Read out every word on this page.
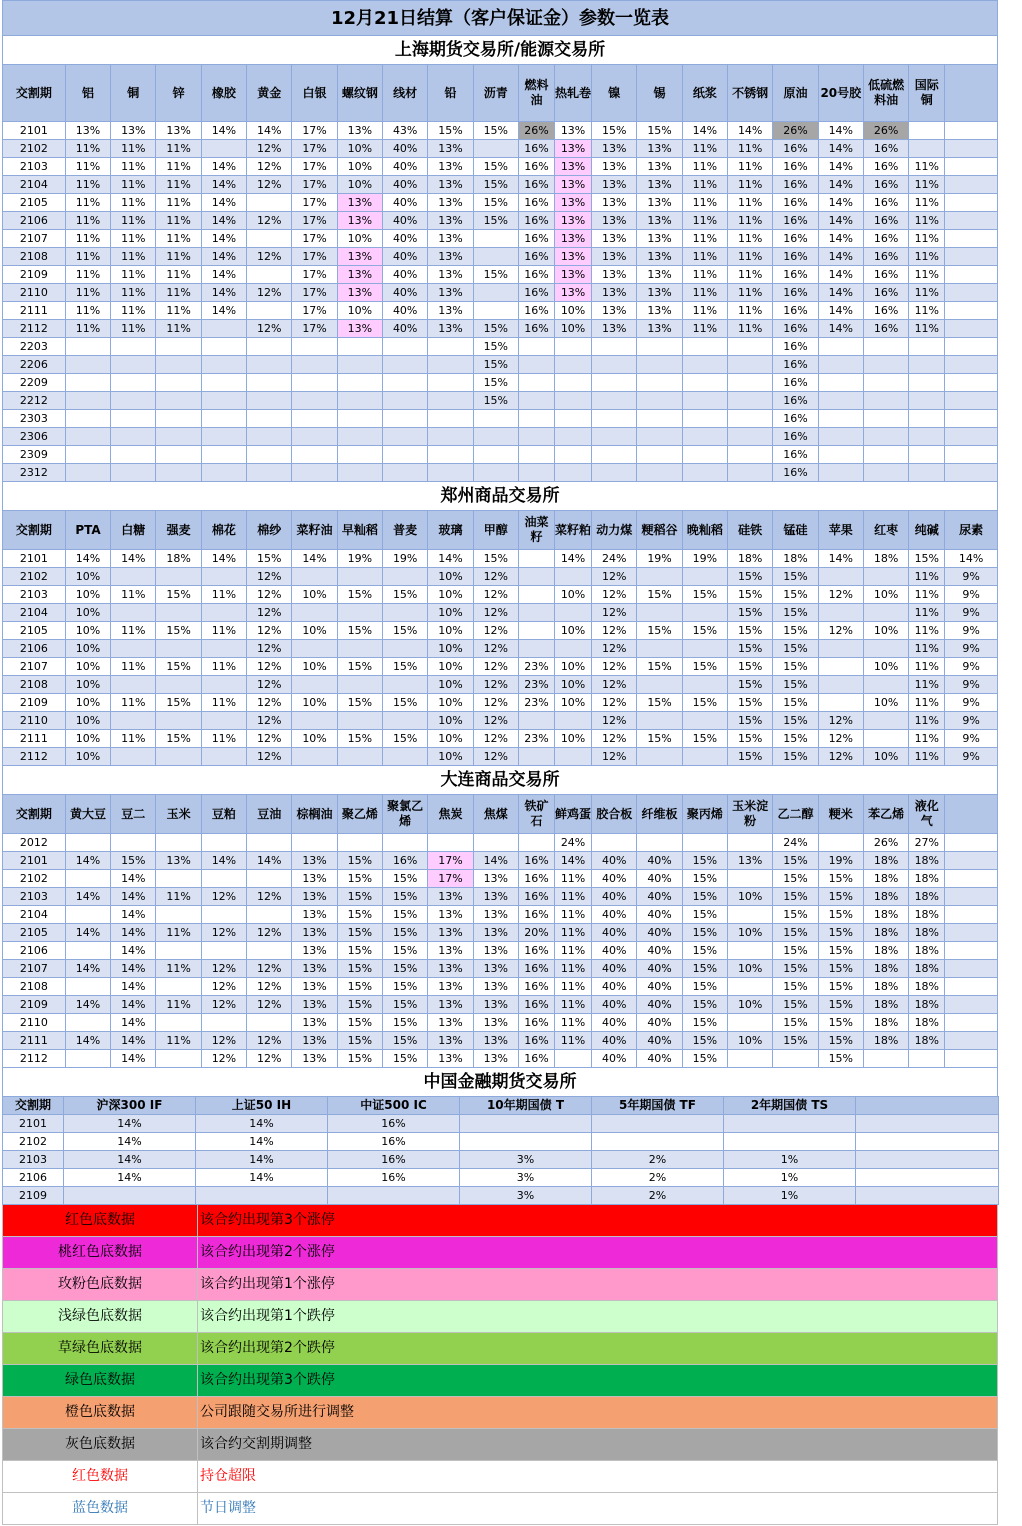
12月21日结算（客户保证金）参数一览表
上海期货交易所/能源交易所
交割期	铝	铜	锌	橡胶	黄金	白银	螺纹钢	线材	铅	沥青	燃料油	热轧卷	镍	锡	纸浆	不锈钢	原油	20号胶	低硫燃料油	国际铜	
2101	13%	13%	13%	14%	14%	17%	13%	43%	15%	15%	26%	13%	15%	15%	14%	14%	26%	14%	26%		
2102	11%	11%	11%		12%	17%	10%	40%	13%		16%	13%	13%	13%	11%	11%	16%	14%	16%		
2103	11%	11%	11%	14%	12%	17%	10%	40%	13%	15%	16%	13%	13%	13%	11%	11%	16%	14%	16%	11%	
2104	11%	11%	11%	14%	12%	17%	10%	40%	13%	15%	16%	13%	13%	13%	11%	11%	16%	14%	16%	11%	
2105	11%	11%	11%	14%		17%	13%	40%	13%	15%	16%	13%	13%	13%	11%	11%	16%	14%	16%	11%	
2106	11%	11%	11%	14%	12%	17%	13%	40%	13%	15%	16%	13%	13%	13%	11%	11%	16%	14%	16%	11%	
2107	11%	11%	11%	14%		17%	10%	40%	13%		16%	13%	13%	13%	11%	11%	16%	14%	16%	11%	
2108	11%	11%	11%	14%	12%	17%	13%	40%	13%		16%	13%	13%	13%	11%	11%	16%	14%	16%	11%	
2109	11%	11%	11%	14%		17%	13%	40%	13%	15%	16%	13%	13%	13%	11%	11%	16%	14%	16%	11%	
2110	11%	11%	11%	14%	12%	17%	13%	40%	13%		16%	13%	13%	13%	11%	11%	16%	14%	16%	11%	
2111	11%	11%	11%	14%		17%	10%	40%	13%		16%	10%	13%	13%	11%	11%	16%	14%	16%	11%	
2112	11%	11%	11%		12%	17%	13%	40%	13%	15%	16%	10%	13%	13%	11%	11%	16%	14%	16%	11%	
2203										15%							16%				
2206										15%							16%				
2209										15%							16%				
2212										15%							16%				
2303																	16%				
2306																	16%				
2309																	16%				
2312																	16%				
郑州商品交易所
交割期	PTA	白糖	强麦	棉花	棉纱	菜籽油	早籼稻	普麦	玻璃	甲醇	油菜籽	菜籽粕	动力煤	粳稻谷	晚籼稻	硅铁	锰硅	苹果	红枣	纯碱	尿素
2101	14%	14%	18%	14%	15%	14%	19%	19%	14%	15%		14%	24%	19%	19%	18%	18%	14%	18%	15%	14%
2102	10%				12%				10%	12%			12%			15%	15%			11%	9%
2103	10%	11%	15%	11%	12%	10%	15%	15%	10%	12%		10%	12%	15%	15%	15%	15%	12%	10%	11%	9%
2104	10%				12%				10%	12%			12%			15%	15%			11%	9%
2105	10%	11%	15%	11%	12%	10%	15%	15%	10%	12%		10%	12%	15%	15%	15%	15%	12%	10%	11%	9%
2106	10%				12%				10%	12%			12%			15%	15%			11%	9%
2107	10%	11%	15%	11%	12%	10%	15%	15%	10%	12%	23%	10%	12%	15%	15%	15%	15%		10%	11%	9%
2108	10%				12%				10%	12%	23%	10%	12%			15%	15%			11%	9%
2109	10%	11%	15%	11%	12%	10%	15%	15%	10%	12%	23%	10%	12%	15%	15%	15%	15%		10%	11%	9%
2110	10%				12%				10%	12%			12%			15%	15%	12%		11%	9%
2111	10%	11%	15%	11%	12%	10%	15%	15%	10%	12%	23%	10%	12%	15%	15%	15%	15%	12%		11%	9%
2112	10%				12%				10%	12%			12%			15%	15%	12%	10%	11%	9%
大连商品交易所
交割期	黄大豆	豆二	玉米	豆粕	豆油	棕榈油	聚乙烯	聚氯乙烯	焦炭	焦煤	铁矿石	鲜鸡蛋	胶合板	纤维板	聚丙烯	玉米淀粉	乙二醇	粳米	苯乙烯	液化气	
2012												24%					24%		26%	27%	
2101	14%	15%	13%	14%	14%	13%	15%	16%	17%	14%	16%	14%	40%	40%	15%	13%	15%	19%	18%	18%	
2102		14%				13%	15%	15%	17%	13%	16%	11%	40%	40%	15%		15%	15%	18%	18%	
2103	14%	14%	11%	12%	12%	13%	15%	15%	13%	13%	16%	11%	40%	40%	15%	10%	15%	15%	18%	18%	
2104		14%				13%	15%	15%	13%	13%	16%	11%	40%	40%	15%		15%	15%	18%	18%	
2105	14%	14%	11%	12%	12%	13%	15%	15%	13%	13%	20%	11%	40%	40%	15%	10%	15%	15%	18%	18%	
2106		14%				13%	15%	15%	13%	13%	16%	11%	40%	40%	15%		15%	15%	18%	18%	
2107	14%	14%	11%	12%	12%	13%	15%	15%	13%	13%	16%	11%	40%	40%	15%	10%	15%	15%	18%	18%	
2108		14%		12%	12%	13%	15%	15%	13%	13%	16%	11%	40%	40%	15%		15%	15%	18%	18%	
2109	14%	14%	11%	12%	12%	13%	15%	15%	13%	13%	16%	11%	40%	40%	15%	10%	15%	15%	18%	18%	
2110		14%				13%	15%	15%	13%	13%	16%	11%	40%	40%	15%		15%	15%	18%	18%	
2111	14%	14%	11%	12%	12%	13%	15%	15%	13%	13%	16%	11%	40%	40%	15%	10%	15%	15%	18%	18%	
2112		14%		12%	12%	13%	15%	15%	13%	13%	16%		40%	40%	15%			15%			
中国金融期货交易所
交割期	沪深300 IF	上证50 IH	中证500 IC	10年期国债 T	5年期国债 TF	2年期国债 TS	
2101	14%	14%	16%				
2102	14%	14%	16%				
2103	14%	14%	16%	3%	2%	1%	
2106	14%	14%	16%	3%	2%	1%	
2109				3%	2%	1%	
红色底数据	该合约出现第3个涨停
桃红色底数据	该合约出现第2个涨停
玫粉色底数据	该合约出现第1个涨停
浅绿色底数据	该合约出现第1个跌停
草绿色底数据	该合约出现第2个跌停
绿色底数据	该合约出现第3个跌停
橙色底数据	公司跟随交易所进行调整
灰色底数据	该合约交割期调整
红色数据	持仓超限
蓝色数据	节日调整
